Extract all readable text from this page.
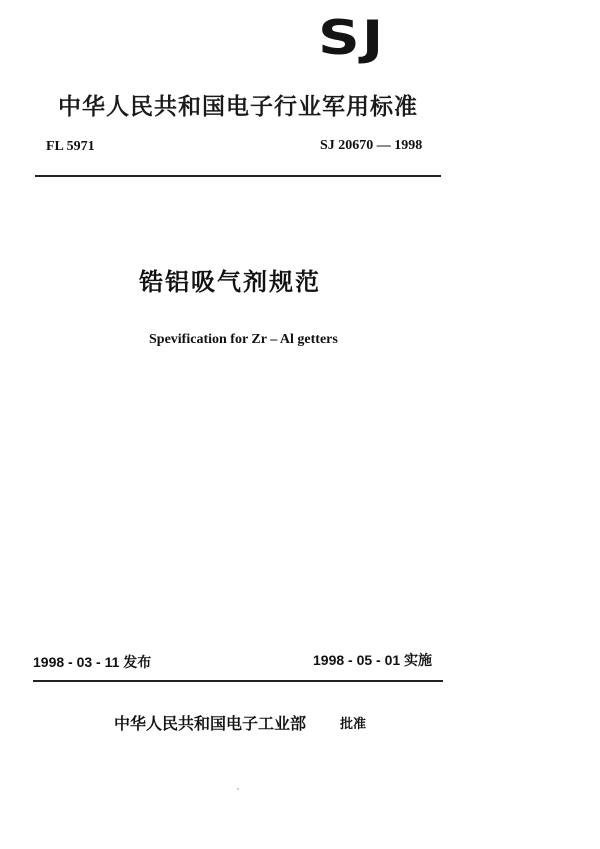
SJ
中华人民共和国电子行业军用标准
FL 5971	SJ 20670 — 1998
锆铝吸气剂规范
Spevification for Zr – Al getters
1998 - 03 - 11 发布	1998 - 05 - 01 实施
中华人民共和国电子工业部	批准
